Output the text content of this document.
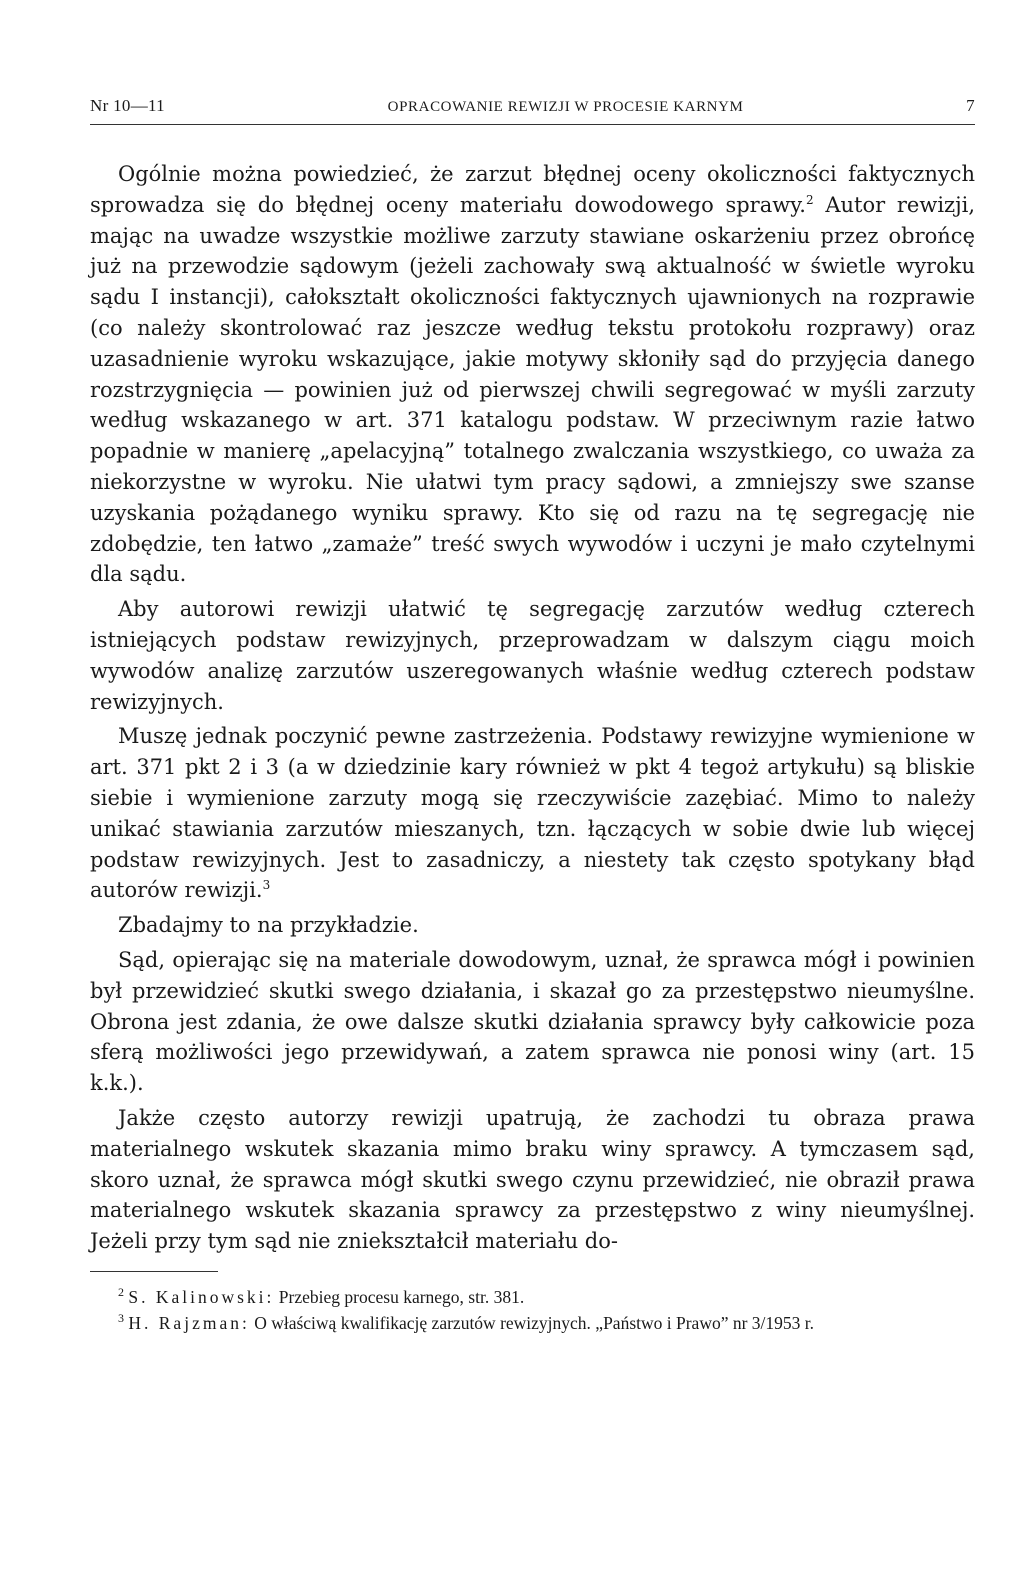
Nr 10—11	OPRACOWANIE REWIZJI W PROCESIE KARNYM	7

Ogólnie można powiedzieć, że zarzut błędnej oceny okoliczności faktycznych sprowadza się do błędnej oceny materiału dowodowego sprawy.$^2$ Autor rewizji, mając na uwadze wszystkie możliwe zarzuty stawiane oskarżeniu przez obrońcę już na przewodzie sądowym (jeżeli zachowały swą aktualność w świetle wyroku sądu I instancji), całokształt okoliczności faktycznych ujawnionych na rozprawie (co należy skontrolować raz jeszcze według tekstu protokołu rozprawy) oraz uzasadnienie wyroku wskazujące, jakie motywy skłoniły sąd do przyjęcia danego rozstrzygnięcia — powinien już od pierwszej chwili segregować w myśli zarzuty według wskazanego w art. 371 katalogu podstaw. W przeciwnym razie łatwo popadnie w manierę „apelacyjną” totalnego zwalczania wszystkiego, co uważa za niekorzystne w wyroku. Nie ułatwi tym pracy sądowi, a zmniejszy swe szanse uzyskania pożądanego wyniku sprawy. Kto się od razu na tę segregację nie zdobędzie, ten łatwo „zamaże” treść swych wywodów i uczyni je mało czytelnymi dla sądu.

Aby autorowi rewizji ułatwić tę segregację zarzutów według czterech istniejących podstaw rewizyjnych, przeprowadzam w dalszym ciągu moich wywodów analizę zarzutów uszeregowanych właśnie według czterech podstaw rewizyjnych.

Muszę jednak poczynić pewne zastrzeżenia. Podstawy rewizyjne wymienione w art. 371 pkt 2 i 3 (a w dziedzinie kary również w pkt 4 tegoż artykułu) są bliskie siebie i wymienione zarzuty mogą się rzeczywiście zazębiać. Mimo to należy unikać stawiania zarzutów mieszanych, tzn. łączących w sobie dwie lub więcej podstaw rewizyjnych. Jest to zasadniczy, a niestety tak często spotykany błąd autorów rewizji.$^3$

Zbadajmy to na przykładzie.

Sąd, opierając się na materiale dowodowym, uznał, że sprawca mógł i powinien był przewidzieć skutki swego działania, i skazał go za przestępstwo nieumyślne. Obrona jest zdania, że owe dalsze skutki działania sprawcy były całkowicie poza sferą możliwości jego przewidywań, a zatem sprawca nie ponosi winy (art. 15 k.k.).

Jakże często autorzy rewizji upatrują, że zachodzi tu obraza prawa materialnego wskutek skazania mimo braku winy sprawcy. A tymczasem sąd, skoro uznał, że sprawca mógł skutki swego czynu przewidzieć, nie obraził prawa materialnego wskutek skazania sprawcy za przestępstwo z winy nieumyślnej. Jeżeli przy tym sąd nie zniekształcił materiału do-

$^2$ S. Kalinowski: Przebieg procesu karnego, str. 381.

$^3$ H. Rajzman: O właściwą kwalifikację zarzutów rewizyjnych. „Państwo i Prawo” nr 3/1953 r.
